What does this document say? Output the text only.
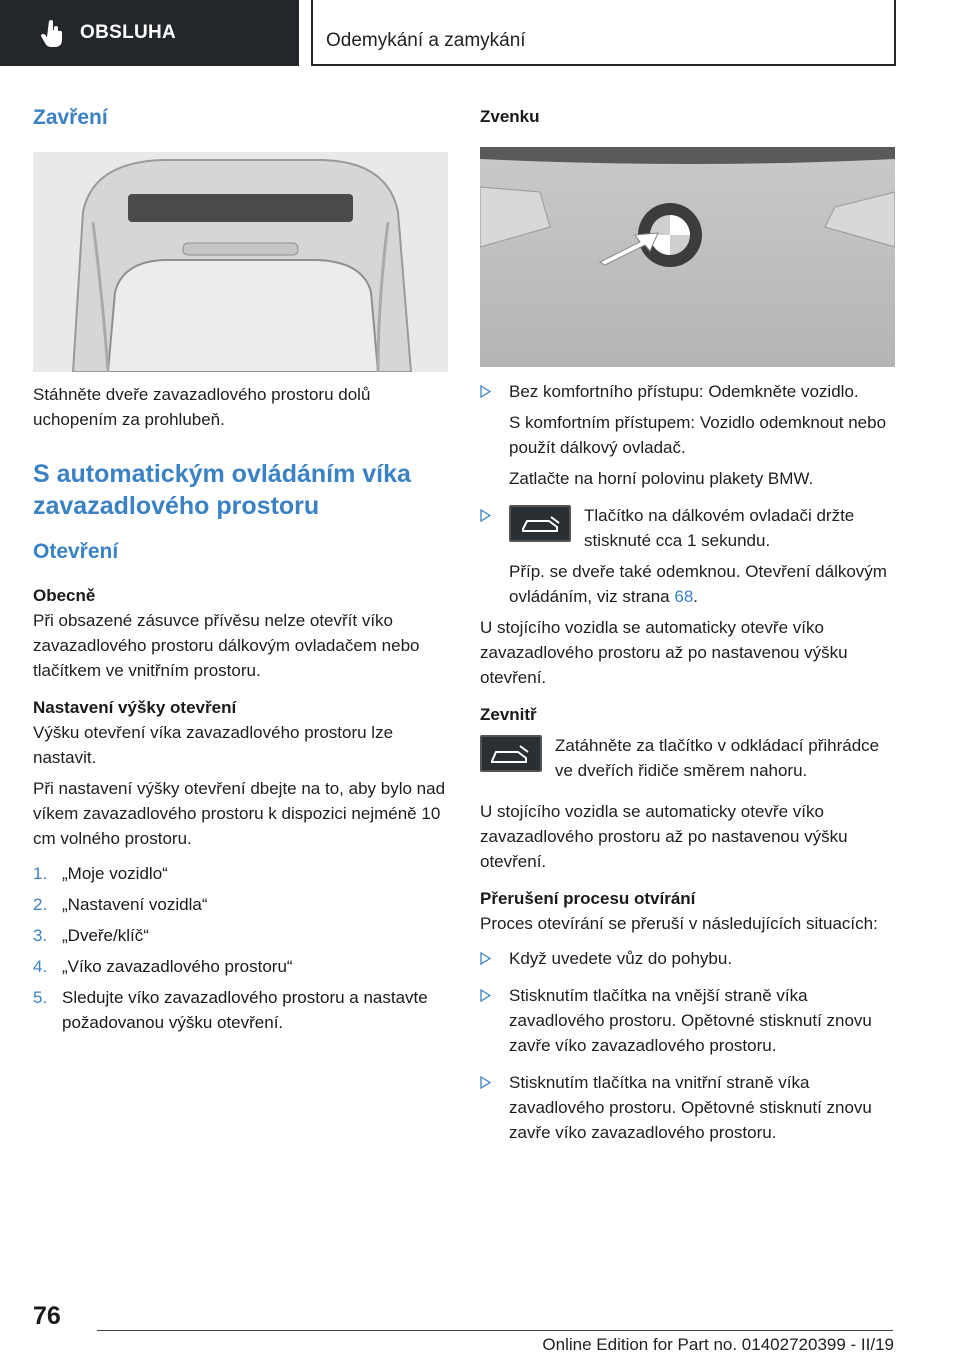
OBSLUHA	Odemykání a zamykání
Zavření

Stáhněte dveře zavazadlového prostoru dolů uchopením za prohlubeň.

S automatickým ovládáním víka zavazadlového prostoru
Otevření
Obecně

Při obsazené zásuvce přívěsu nelze otevřít víko zavazadlového prostoru dálkovým ovladačem nebo tlačítkem ve vnitřním prostoru.

Nastavení výšky otevření

Výšku otevření víka zavazadlového prostoru lze nastavit.

Při nastavení výšky otevření dbejte na to, aby bylo nad víkem zavazadlového prostoru k dispozici nejméně 10 cm volného prostoru.

1. „Moje vozidlo“
2. „Nastavení vozidla“
3. „Dveře/klíč“
4. „Víko zavazadlového prostoru“
5. Sledujte víko zavazadlového prostoru a nastavte požadovanou výšku otevření.
Zvenku

Bez komfortního přístupu: Odemkněte vozidlo.

S komfortním přístupem: Vozidlo odemknout nebo použít dálkový ovladač.

Zatlačte na horní polovinu plakety BMW.

Tlačítko na dálkovém ovladači držte stisknuté cca 1 sekundu.

Příp. se dveře také odemknou. Otevření dálkovým ovládáním, viz strana 68.

U stojícího vozidla se automaticky otevře víko zavazadlového prostoru až po nastavenou výšku otevření.

Zevnitř

Zatáhněte za tlačítko v odkládací přihrádce ve dveřích řidiče směrem nahoru.

U stojícího vozidla se automaticky otevře víko zavazadlového prostoru až po nastavenou výšku otevření.

Přerušení procesu otvírání

Proces otevírání se přeruší v následujících situacích:

Když uvedete vůz do pohybu.

Stisknutím tlačítka na vnější straně víka zavadlového prostoru. Opětovné stisknutí znovu zavře víko zavazadlového prostoru.

Stisknutím tlačítka na vnitřní straně víka zavadlového prostoru. Opětovné stisknutí znovu zavře víko zavazadlového prostoru.

76
Online Edition for Part no. 01402720399 - II/19
